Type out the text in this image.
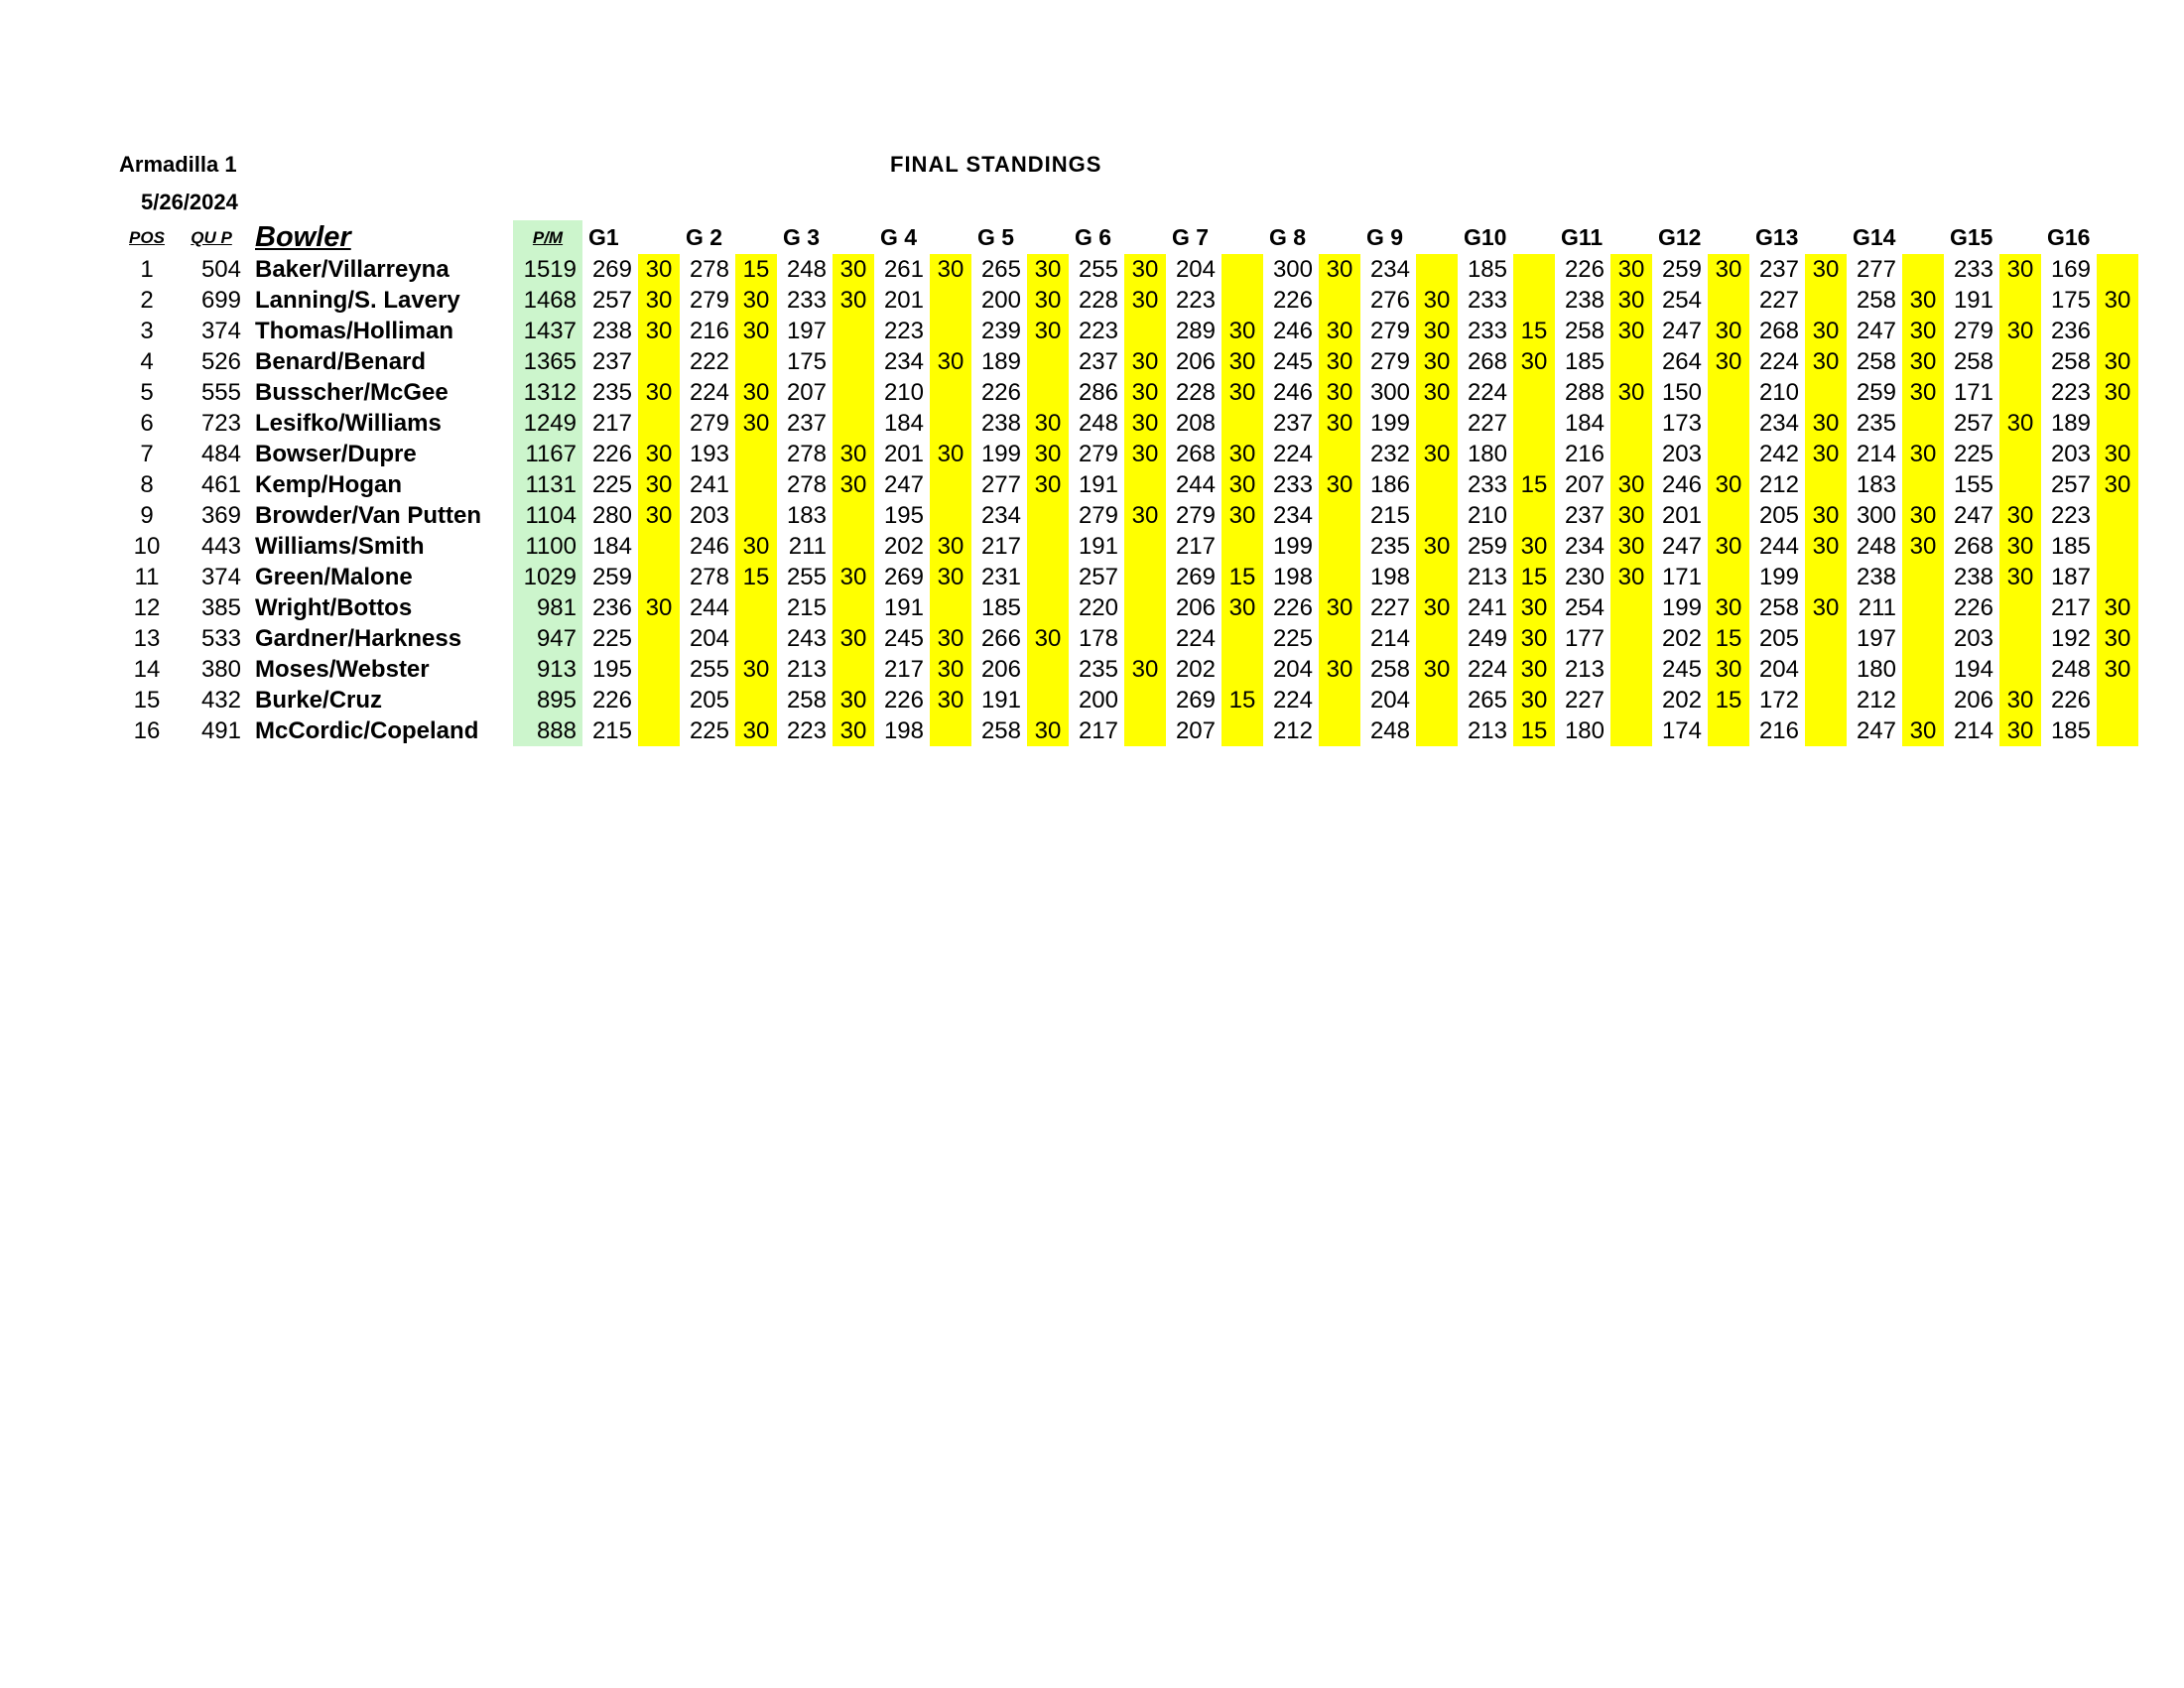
Armadilla 1
5/26/2024
FINAL STANDINGS
POS	QU P	Bowler	P/M	G1		G 2		G 3		G 4		G 5		G 6		G 7		G 8		G 9		G10		G11		G12		G13		G14		G15		G16	
1	504	Baker/Villarreyna	1519	269	30	278	15	248	30	261	30	265	30	255	30	204		300	30	234		185		226	30	259	30	237	30	277		233	30	169	
2	699	Lanning/S. Lavery	1468	257	30	279	30	233	30	201		200	30	228	30	223		226		276	30	233		238	30	254		227		258	30	191		175	30
3	374	Thomas/Holliman	1437	238	30	216	30	197		223		239	30	223		289	30	246	30	279	30	233	15	258	30	247	30	268	30	247	30	279	30	236	
4	526	Benard/Benard	1365	237		222		175		234	30	189		237	30	206	30	245	30	279	30	268	30	185		264	30	224	30	258	30	258		258	30
5	555	Busscher/McGee	1312	235	30	224	30	207		210		226		286	30	228	30	246	30	300	30	224		288	30	150		210		259	30	171		223	30
6	723	Lesifko/Williams	1249	217		279	30	237		184		238	30	248	30	208		237	30	199		227		184		173		234	30	235		257	30	189	
7	484	Bowser/Dupre	1167	226	30	193		278	30	201	30	199	30	279	30	268	30	224		232	30	180		216		203		242	30	214	30	225		203	30
8	461	Kemp/Hogan	1131	225	30	241		278	30	247		277	30	191		244	30	233	30	186		233	15	207	30	246	30	212		183		155		257	30
9	369	Browder/Van Putten	1104	280	30	203		183		195		234		279	30	279	30	234		215		210		237	30	201		205	30	300	30	247	30	223	
10	443	Williams/Smith	1100	184		246	30	211		202	30	217		191		217		199		235	30	259	30	234	30	247	30	244	30	248	30	268	30	185	
11	374	Green/Malone	1029	259		278	15	255	30	269	30	231		257		269	15	198		198		213	15	230	30	171		199		238		238	30	187	
12	385	Wright/Bottos	981	236	30	244		215		191		185		220		206	30	226	30	227	30	241	30	254		199	30	258	30	211		226		217	30
13	533	Gardner/Harkness	947	225		204		243	30	245	30	266	30	178		224		225		214		249	30	177		202	15	205		197		203		192	30
14	380	Moses/Webster	913	195		255	30	213		217	30	206		235	30	202		204	30	258	30	224	30	213		245	30	204		180		194		248	30
15	432	Burke/Cruz	895	226		205		258	30	226	30	191		200		269	15	224		204		265	30	227		202	15	172		212		206	30	226	
16	491	McCordic/Copeland	888	215		225	30	223	30	198		258	30	217		207		212		248		213	15	180		174		216		247	30	214	30	185	
